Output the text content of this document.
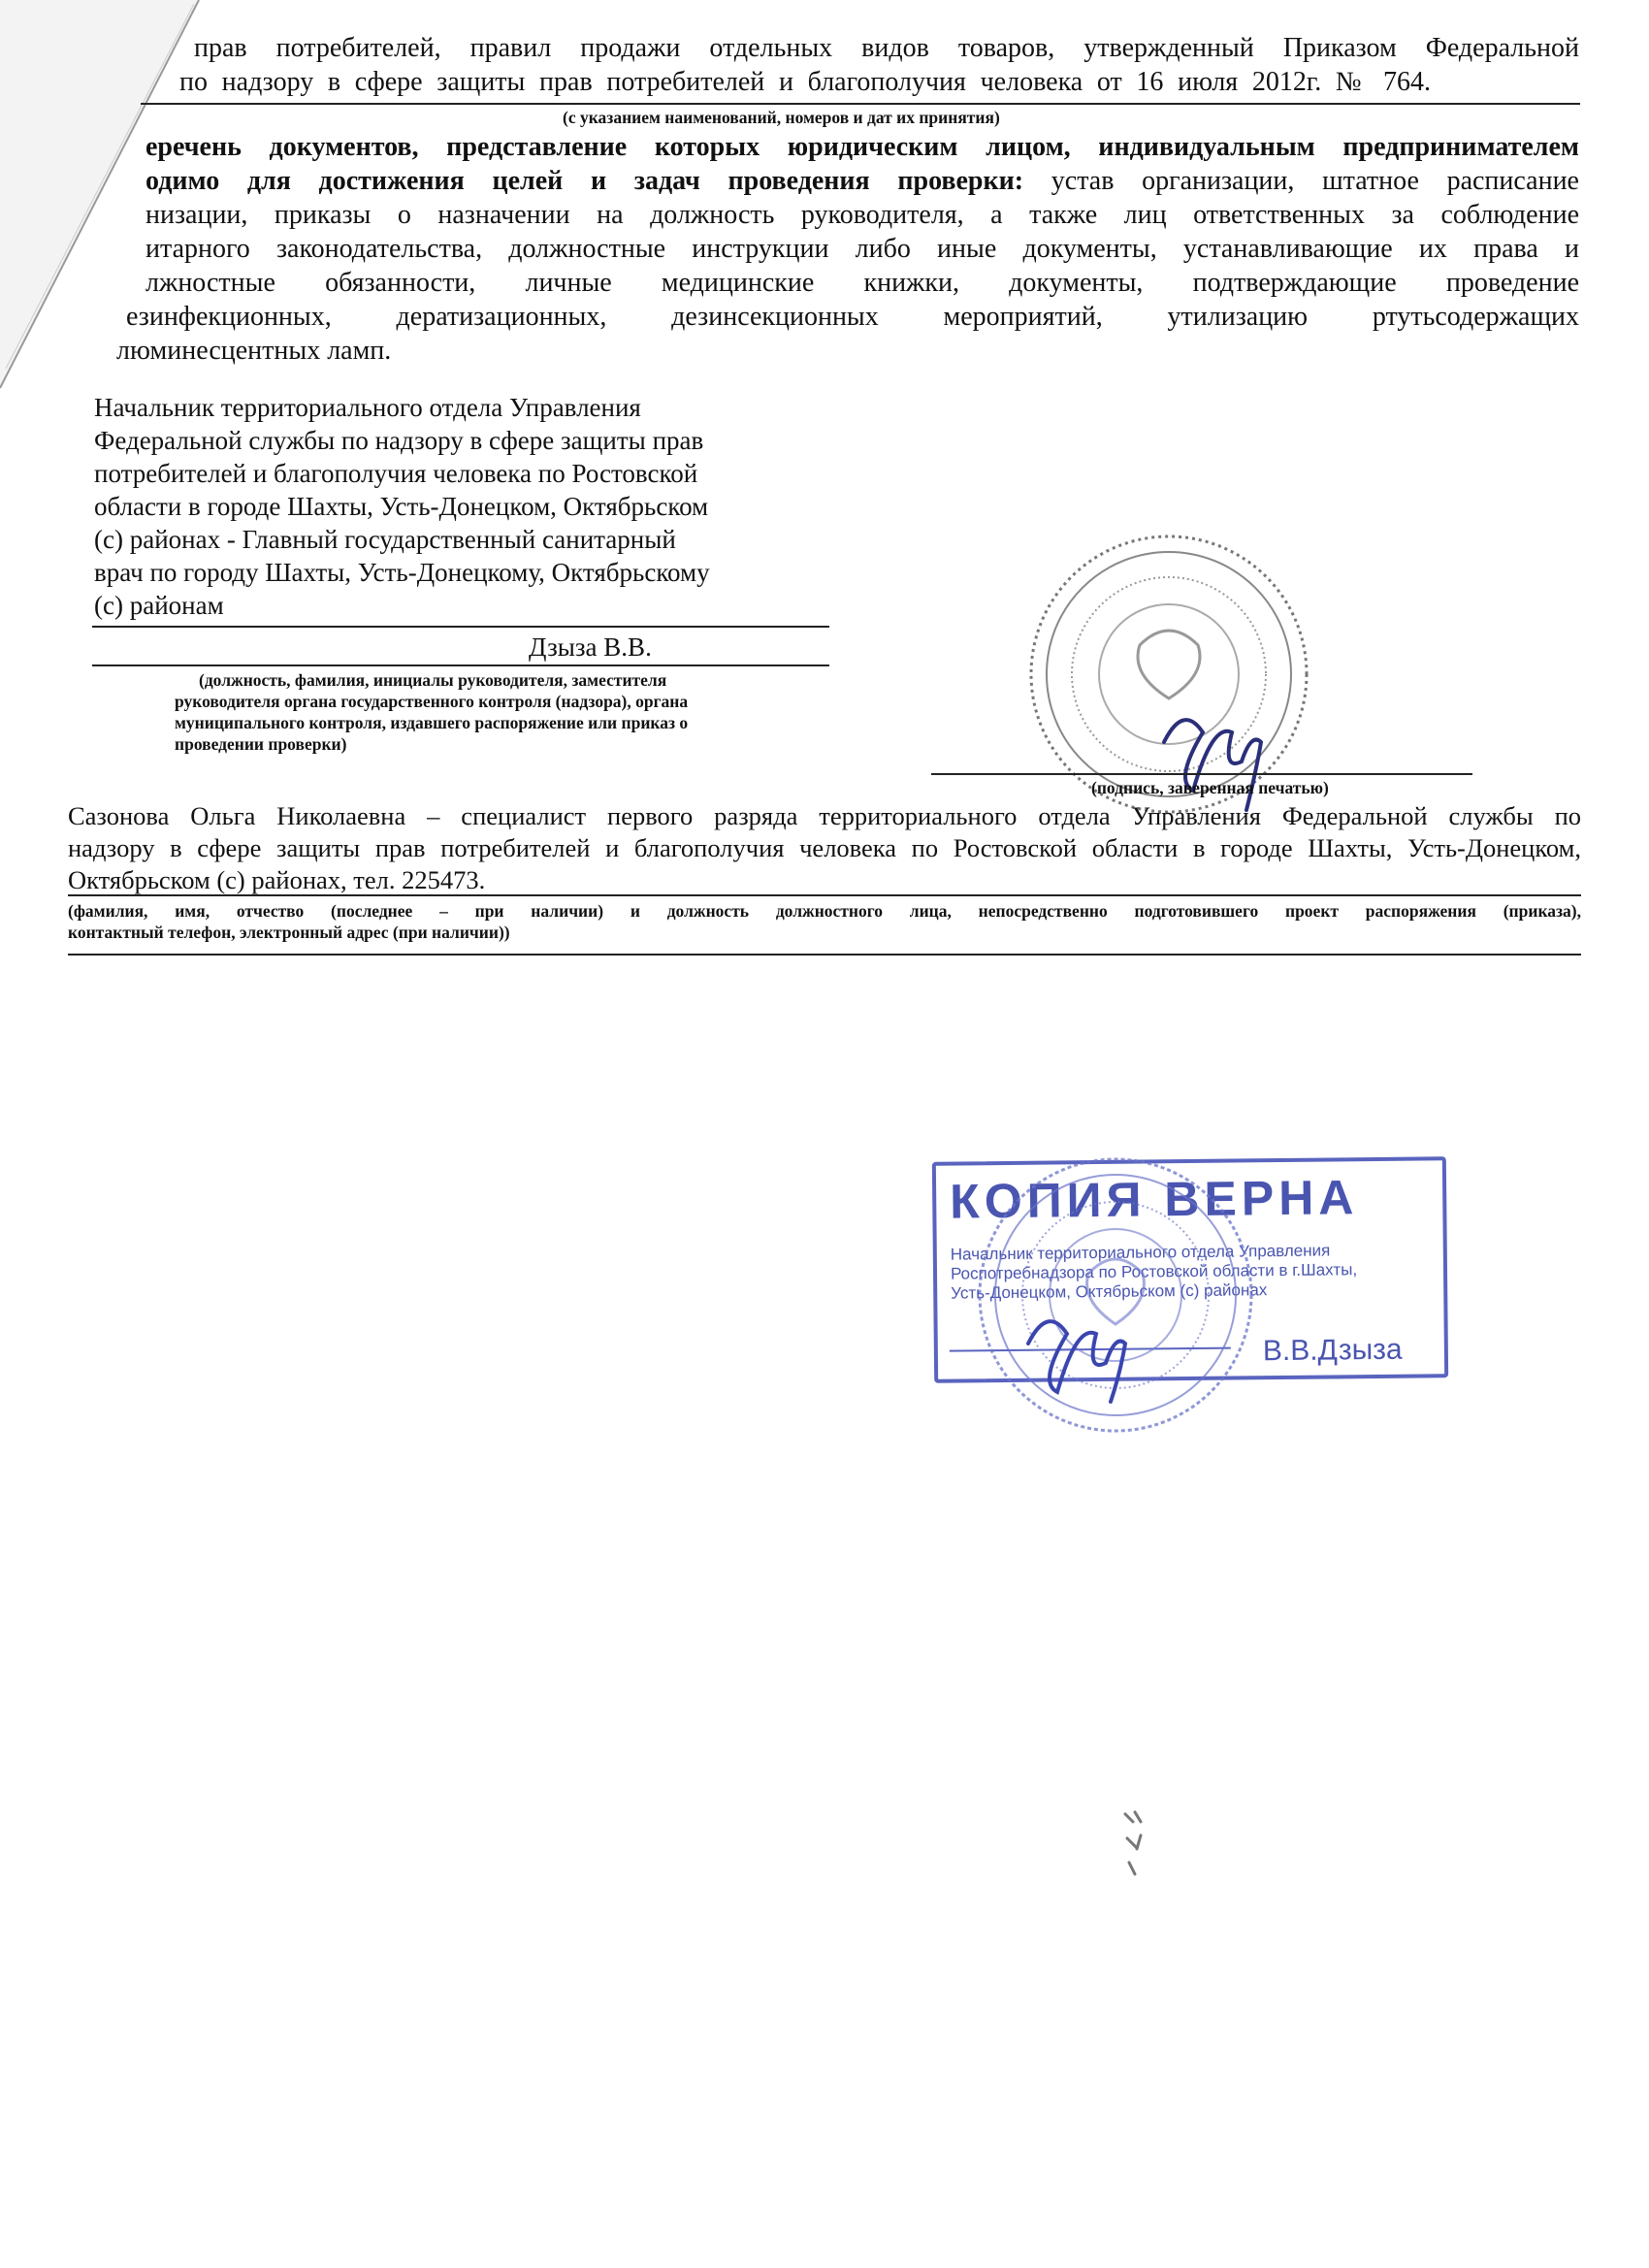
прав потребителей, правил продажи отдельных видов товаров, утвержденный Приказом Федеральной
по надзору в сфере защиты прав потребителей и благополучия человека от 16 июля 2012г. № 764.
(с указанием наименований, номеров и дат их принятия)
еречень документов, представление которых юридическим лицом, индивидуальным предпринимателем
одимо для достижения целей и задач проведения проверки: устав организации, штатное расписание
низации, приказы о назначении на должность руководителя, а также лиц ответственных за соблюдение
итарного законодательства, должностные инструкции либо иные документы, устанавливающие их права и
лжностные обязанности, личные медицинские книжки, документы, подтверждающие проведение
езинфекционных, дератизационных, дезинсекционных мероприятий, утилизацию ртутьсодержащих
люминесцентных ламп.
Начальник территориального отдела Управления
Федеральной службы по надзору в сфере защиты прав
потребителей и благополучия человека по Ростовской
области в городе Шахты, Усть-Донецком, Октябрьском
(с) районах - Главный государственный санитарный
врач по городу Шахты, Усть-Донецкому, Октябрьскому
(с) районам
Дзыза В.В.
(должность, фамилия, инициалы руководителя, заместителя
руководителя органа государственного контроля (надзора), органа
муниципального контроля, издавшего распоряжение или приказ о
проведении проверки)
(подпись, заверенная печатью)
Сазонова Ольга Николаевна – специалист первого разряда территориального отдела Управления Федеральной службы по
надзору в сфере защиты прав потребителей и благополучия человека по Ростовской области в городе Шахты, Усть-Донецком,
Октябрьском (с) районах, тел. 225473.
(фамилия, имя, отчество (последнее – при наличии) и должность должностного лица, непосредственно подготовившего проект распоряжения (приказа),
контактный телефон, электронный адрес (при наличии))
КОПИЯ ВЕРНА
Начальник территориального отдела Управления
Роспотребнадзора по Ростовской области в г.Шахты,
Усть-Донецком, Октябрьском (с) районах
В.В.Дзыза
